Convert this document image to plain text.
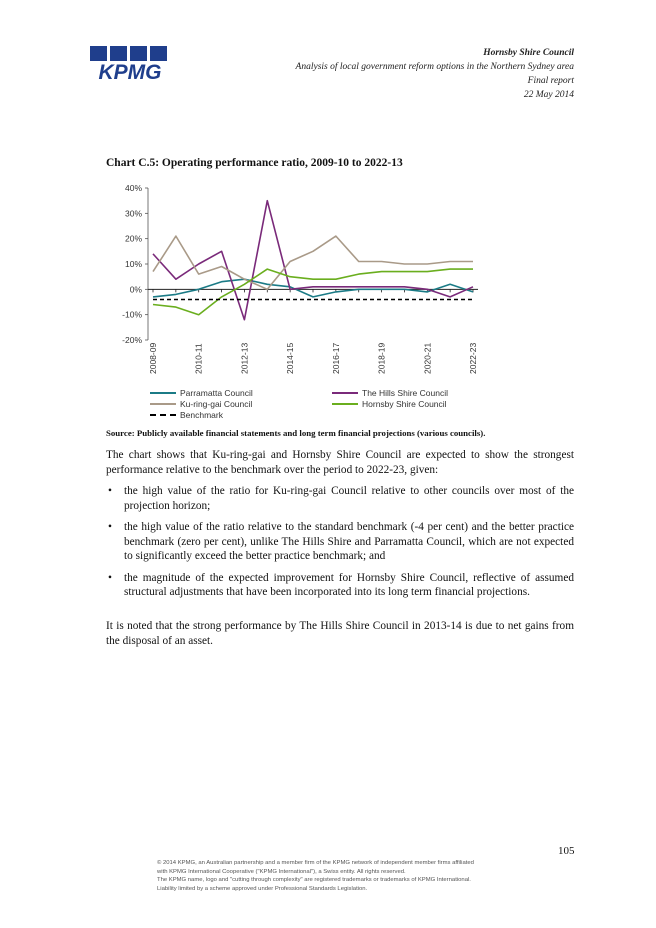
KPMG
Hornsby Shire Council
Analysis of local government reform options in the Northern Sydney area
Final report
22 May 2014
Chart C.5: Operating performance ratio, 2009-10 to 2022-13
40%
30%
20%
10%
0%
-10%
-20%
2008-09	2010-11	2012-13	2014-15	2016-17	2018-19	2020-21	2022-23
Parramatta Council	The Hills Shire Council
Ku-ring-gai Council	Hornsby Shire Council
Benchmark
Source: Publicly available financial statements and long term financial projections (various councils).
The chart shows that Ku-ring-gai and Hornsby Shire Council are expected to show the strongest performance relative to the benchmark over the period to 2022-23, given:
• the high value of the ratio for Ku-ring-gai Council relative to other councils over most of the projection horizon;
• the high value of the ratio relative to the standard benchmark (-4 per cent) and the better practice benchmark (zero per cent), unlike The Hills Shire and Parramatta Council, which are not expected to significantly exceed the better practice benchmark; and
• the magnitude of the expected improvement for Hornsby Shire Council, reflective of assumed structural adjustments that have been incorporated into its long term financial projections.
It is noted that the strong performance by The Hills Shire Council in 2013-14 is due to net gains from the disposal of an asset.
105
© 2014 KPMG, an Australian partnership and a member firm of the KPMG network of independent member firms affiliated
with KPMG International Cooperative ("KPMG International"), a Swiss entity. All rights reserved.
The KPMG name, logo and "cutting through complexity" are registered trademarks or trademarks of KPMG International.
Liability limited by a scheme approved under Professional Standards Legislation.
